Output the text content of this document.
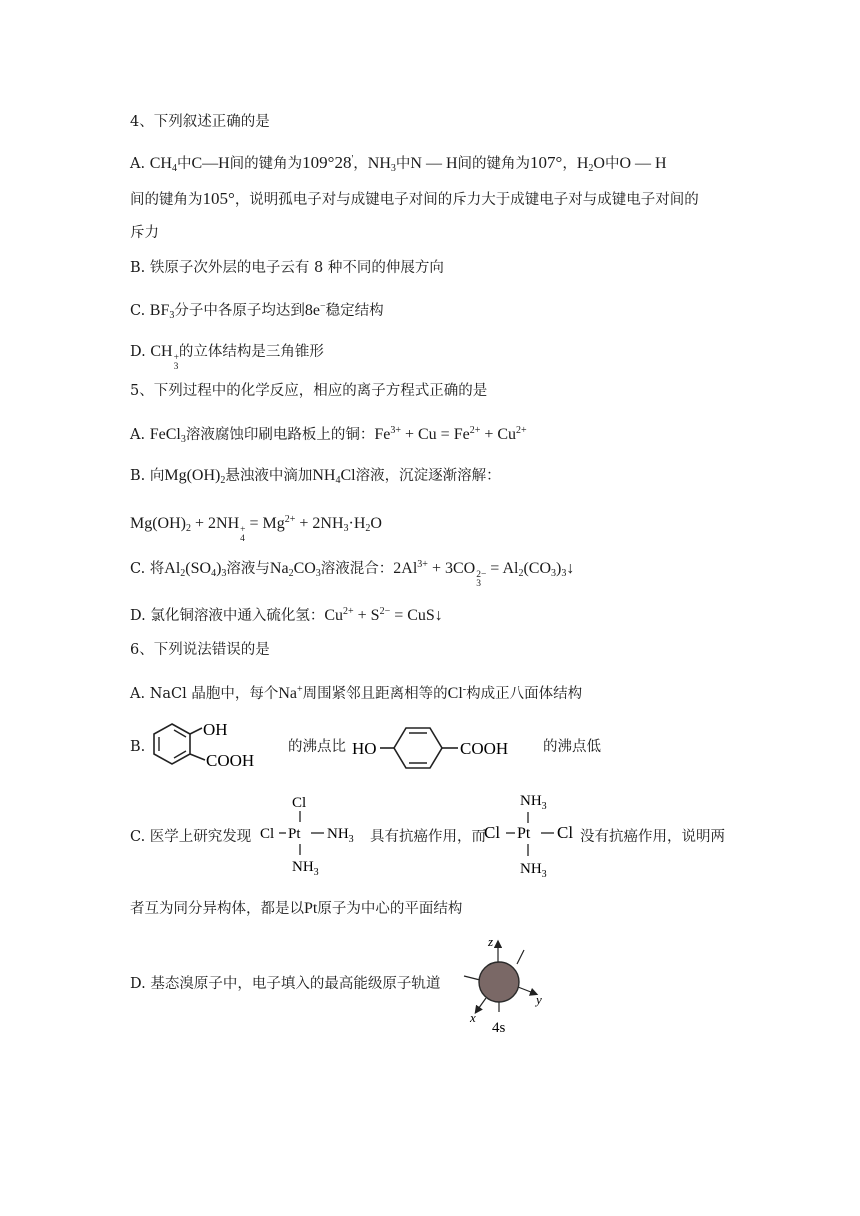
4、下列叙述正确的是
A. $CH_4$中C—H间的键角为109°28'，$NH_3$中N — H间的键角为107°，$H_2O$中O — H
间的键角为105°，说明孤电子对与成键电子对间的斥力大于成键电子对与成键电子对间的
斥力
B. 铁原子次外层的电子云有 8 种不同的伸展方向
C. $BF_3$分子中各原子均达到8e−稳定结构
D. CH +
3
的立体结构是三角锥形
5、下列过程中的化学反应，相应的离子方程式正确的是
A. FeCl$_3$溶液腐蚀印刷电路板上的铜：$Fe^{3+} + Cu = Fe^{2+} + Cu^{2+}$
B. 向$Mg(OH)_2$悬浊液中滴加$NH_4Cl$溶液，沉淀逐渐溶解：
$Mg(OH)_2 + 2NH$ +
4
= $Mg^{2+} + 2NH_3\cdot H_2O$
C. 将$Al_2(SO_4)_3$溶液与$Na_2CO_3$溶液混合：$2Al^{3+} + 3CO$ 2−
3
= $Al_2(CO_3)_3↓$
D. 氯化铜溶液中通入硫化氢：$Cu^{2+} + S^{2-}$ = CuS↓
6、下列说法错误的是
A. NaCl 晶胞中，每个Na+周围紧邻且距离相等的Cl-构成正八面体结构
B.
OH
COOH
的沸点比 HO	COOH 的沸点低
C. 医学上研究发现
Cl
Cl Pt $NH_3$
$NH_3$
具有抗癌作用，而
$NH_3$
Cl Pt Cl
$NH_3$
没有抗癌作用，说明两
者互为同分异构体，都是以Pt原子为中心的平面结构
D. 基态溴原子中，电子填入的最高能级原子轨道
z
y
x
4s
